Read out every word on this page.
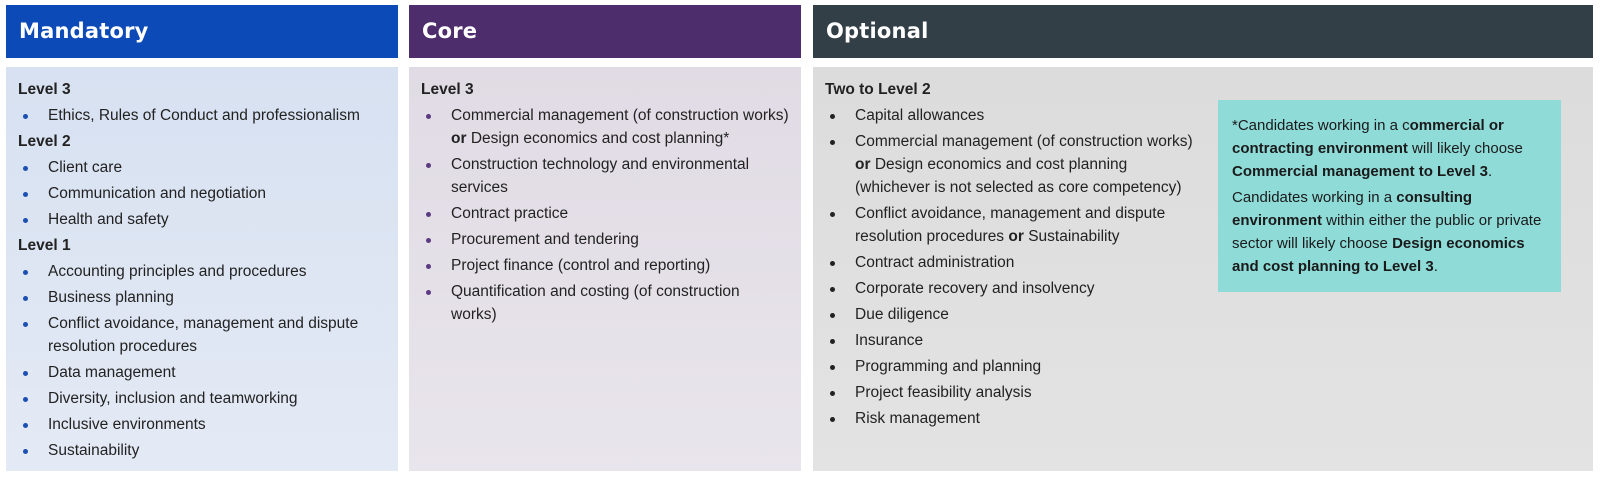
Mandatory
Level 3
Ethics, Rules of Conduct and professionalism
Level 2
Client care
Communication and negotiation
Health and safety
Level 1
Accounting principles and procedures
Business planning
Conflict avoidance, management and dispute resolution procedures
Data management
Diversity, inclusion and teamworking
Inclusive environments
Sustainability
Core
Level 3
Commercial management (of construction works) or Design economics and cost planning*
Construction technology and environmental services
Contract practice
Procurement and tendering
Project finance (control and reporting)
Quantification and costing (of construction works)
Optional
Two to Level 2
Capital allowances
Commercial management (of construction works) or Design economics and cost planning (whichever is not selected as core competency)
Conflict avoidance, management and dispute resolution procedures or Sustainability
Contract administration
Corporate recovery and insolvency
Due diligence
Insurance
Programming and planning
Project feasibility analysis
Risk management

*Candidates working in a commercial or contracting environment will likely choose Commercial management to Level 3.

Candidates working in a consulting environment within either the public or private sector will likely choose Design economics and cost planning to Level 3.
